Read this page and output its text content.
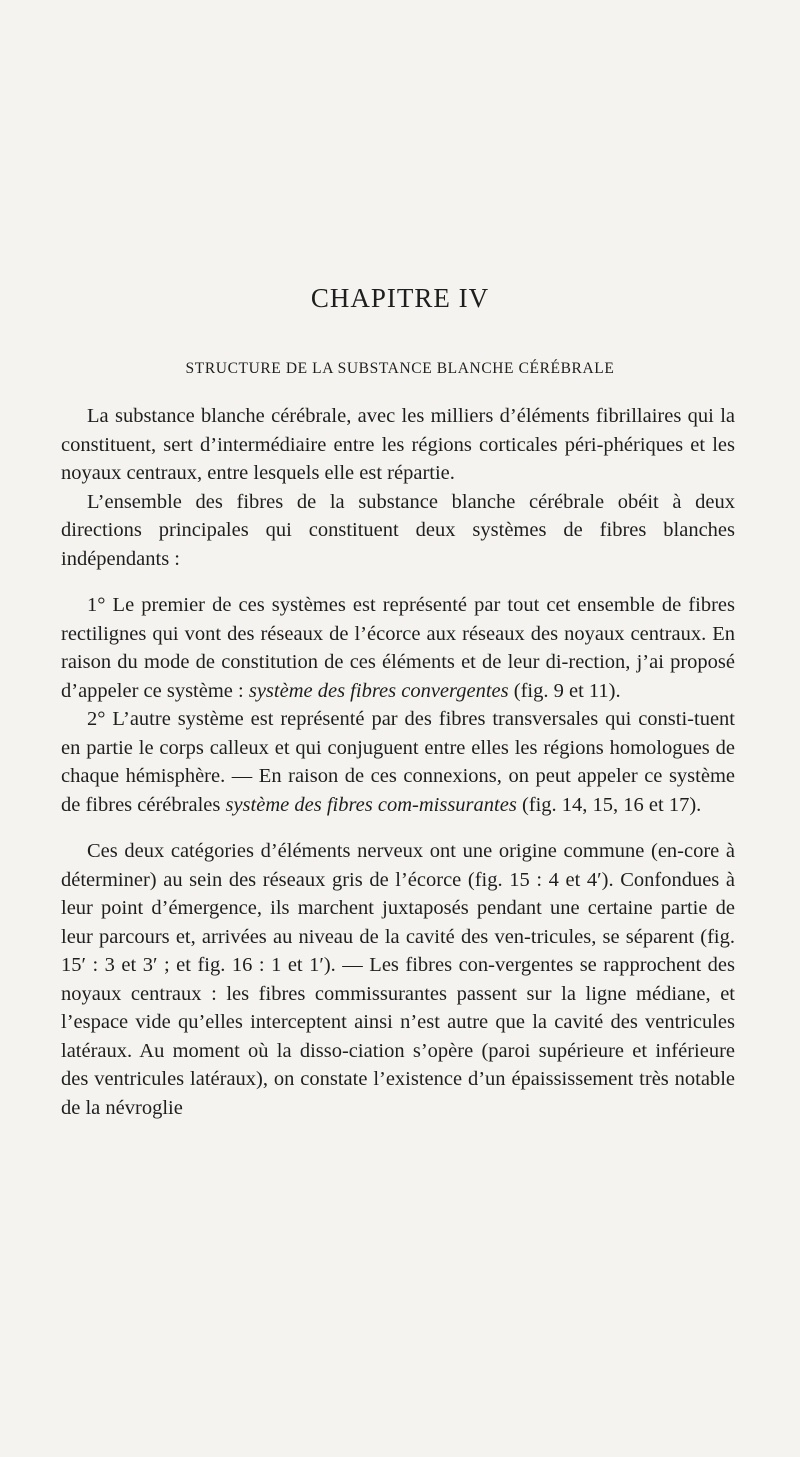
CHAPITRE IV
STRUCTURE DE LA SUBSTANCE BLANCHE CÉRÉBRALE

La substance blanche cérébrale, avec les milliers d’éléments fibrillaires qui la constituent, sert d’intermédiaire entre les régions corticales péri-phériques et les noyaux centraux, entre lesquels elle est répartie.

L’ensemble des fibres de la substance blanche cérébrale obéit à deux directions principales qui constituent deux systèmes de fibres blanches indépendants :

1° Le premier de ces systèmes est représenté par tout cet ensemble de fibres rectilignes qui vont des réseaux de l’écorce aux réseaux des noyaux centraux. En raison du mode de constitution de ces éléments et de leur di-rection, j’ai proposé d’appeler ce système : système des fibres convergentes (fig. 9 et 11).

2° L’autre système est représenté par des fibres transversales qui consti-tuent en partie le corps calleux et qui conjuguent entre elles les régions homologues de chaque hémisphère. — En raison de ces connexions, on peut appeler ce système de fibres cérébrales système des fibres com-missurantes (fig. 14, 15, 16 et 17).

Ces deux catégories d’éléments nerveux ont une origine commune (en-core à déterminer) au sein des réseaux gris de l’écorce (fig. 15 : 4 et 4′). Confondues à leur point d’émergence, ils marchent juxtaposés pendant une certaine partie de leur parcours et, arrivées au niveau de la cavité des ven-tricules, se séparent (fig. 15′ : 3 et 3′ ; et fig. 16 : 1 et 1′). — Les fibres con-vergentes se rapprochent des noyaux centraux : les fibres commissurantes passent sur la ligne médiane, et l’espace vide qu’elles interceptent ainsi n’est autre que la cavité des ventricules latéraux. Au moment où la disso-ciation s’opère (paroi supérieure et inférieure des ventricules latéraux), on constate l’existence d’un épaississement très notable de la névroglie
